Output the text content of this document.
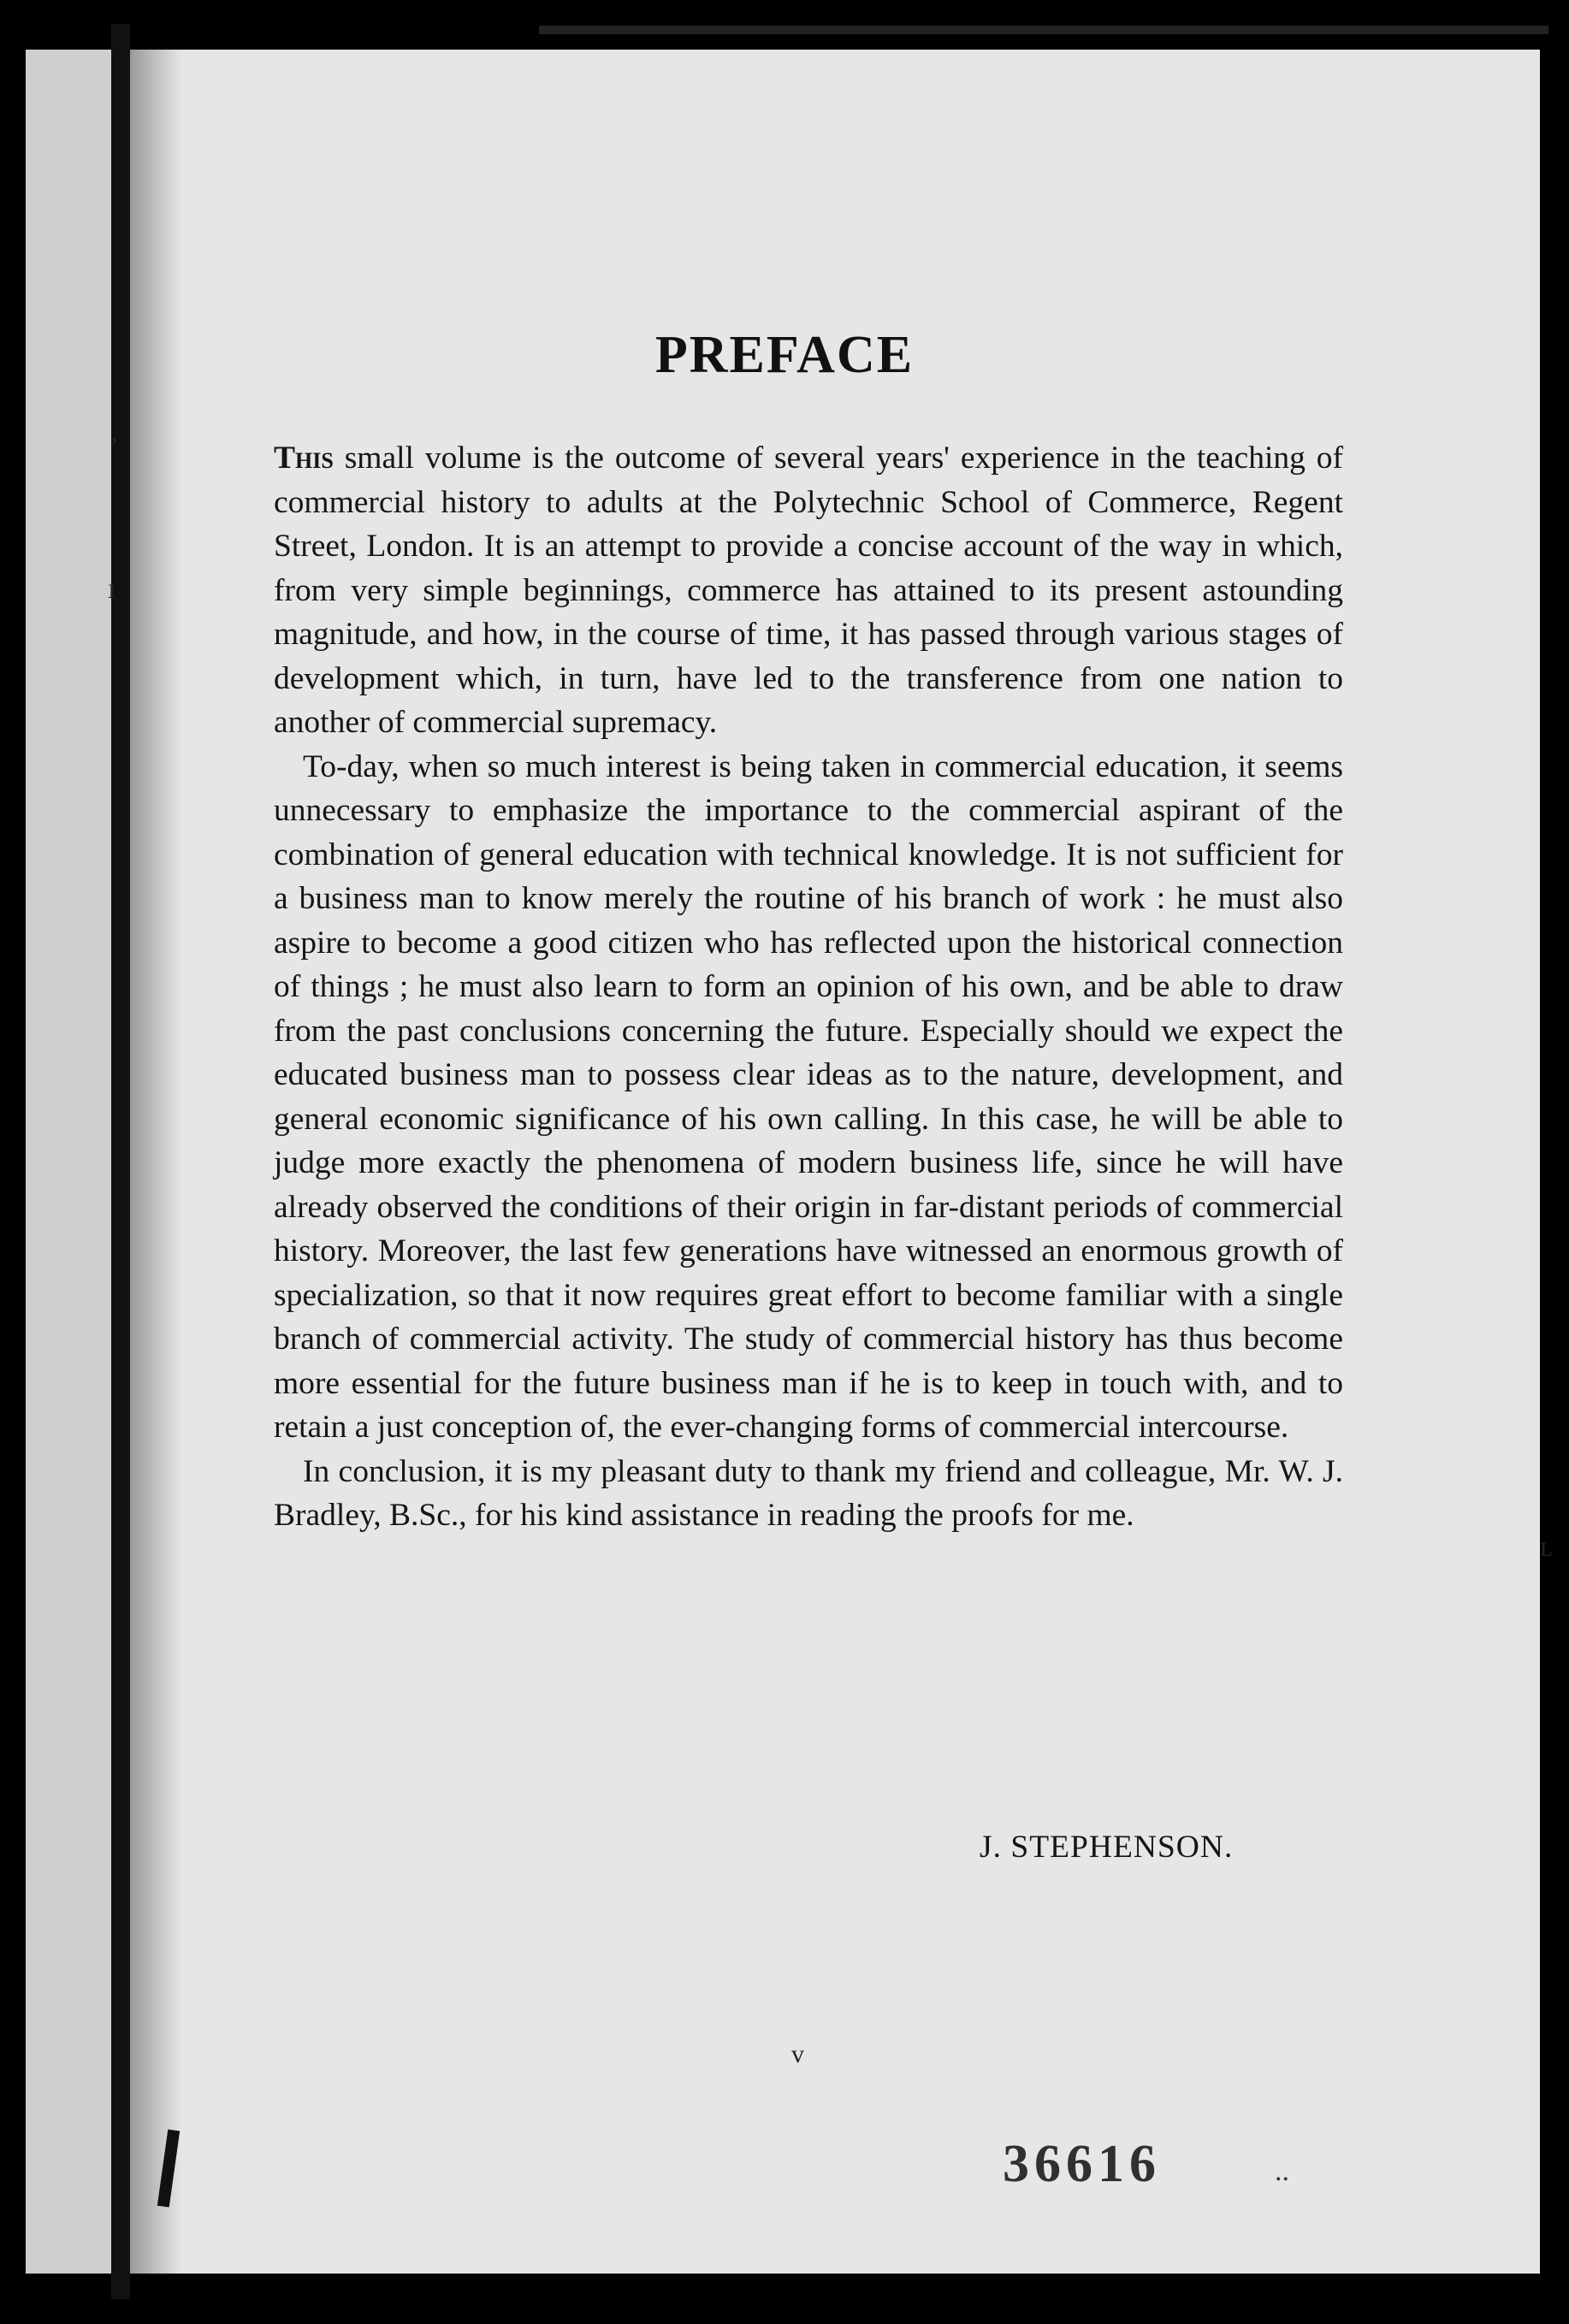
’
ı
ʟ
PREFACE

This small volume is the outcome of several years' experience in the teaching of commercial history to adults at the Polytechnic School of Commerce, Regent Street, London. It is an attempt to provide a concise account of the way in which, from very simple beginnings, commerce has attained to its present astounding magnitude, and how, in the course of time, it has passed through various stages of development which, in turn, have led to the transference from one nation to another of commercial supremacy.

To-day, when so much interest is being taken in commercial education, it seems unnecessary to emphasize the importance to the commercial aspirant of the combination of general education with technical knowledge. It is not sufficient for a business man to know merely the routine of his branch of work : he must also aspire to become a good citizen who has reflected upon the historical connection of things ; he must also learn to form an opinion of his own, and be able to draw from the past conclusions concerning the future. Especially should we expect the educated business man to possess clear ideas as to the nature, development, and general economic significance of his own calling. In this case, he will be able to judge more exactly the phenomena of modern business life, since he will have already observed the conditions of their origin in far-distant periods of commercial history. Moreover, the last few generations have witnessed an enormous growth of specialization, so that it now requires great effort to become familiar with a single branch of commercial activity. The study of commercial history has thus become more essential for the future business man if he is to keep in touch with, and to retain a just conception of, the ever-changing forms of commercial intercourse.

In conclusion, it is my pleasant duty to thank my friend and colleague, Mr. W. J. Bradley, B.Sc., for his kind assistance in reading the proofs for me.

J. STEPHENSON.
v
36616	..
